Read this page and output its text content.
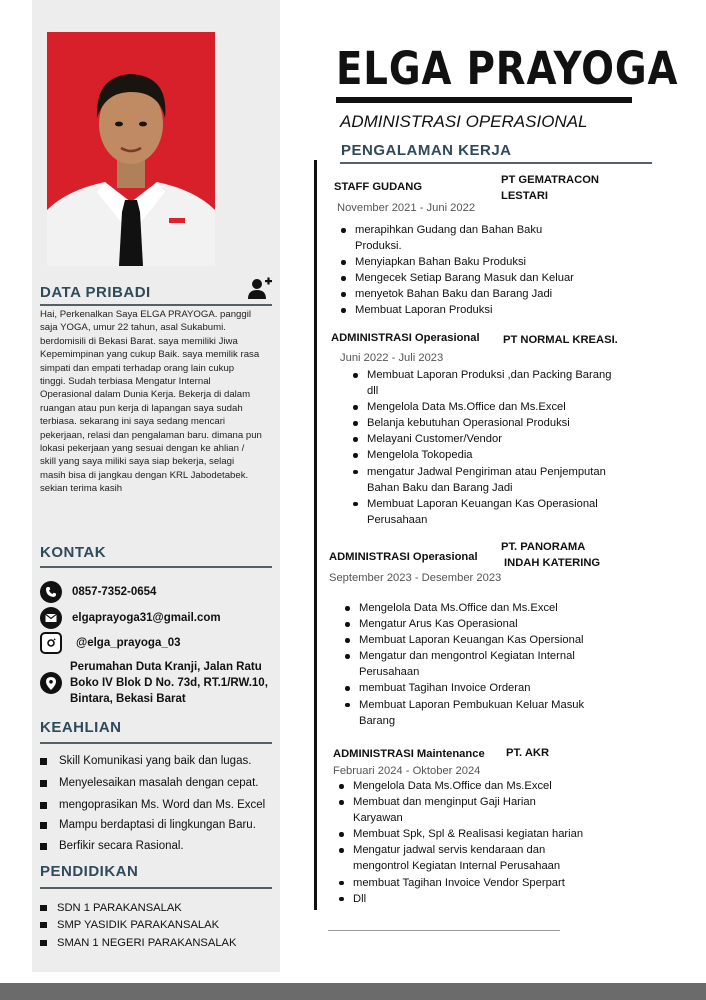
DATA PRIBADI
Hai, Perkenalkan Saya ELGA PRAYOGA. panggil saja YOGA, umur 22 tahun, asal Sukabumi. berdomisili di Bekasi Barat. saya memiliki Jiwa Kepemimpinan yang cukup Baik. saya memilik rasa simpati dan empati terhadap orang lain cukup tinggi. Sudah terbiasa Mengatur Internal Operasional dalam Dunia Kerja. Bekerja di dalam ruangan atau pun kerja di lapangan saya sudah terbiasa. sekarang ini saya sedang mencari pekerjaan, relasi dan pengalaman baru. dimana pun lokasi pekerjaan yang sesuai dengan ke ahlian / skill yang saya miliki saya siap bekerja, selagi masih bisa di jangkau dengan KRL Jabodetabek. sekian terima kasih
KONTAK
0857-7352-0654
elgaprayoga31@gmail.com
@elga_prayoga_03
Perumahan Duta Kranji, Jalan Ratu
Boko IV Blok D No. 73d, RT.1/RW.10,
Bintara, Bekasi Barat
KEAHLIAN
Skill Komunikasi yang baik dan lugas.
Menyelesaikan masalah dengan cepat.
mengoprasikan Ms. Word dan Ms. Excel
Mampu berdaptasi di lingkungan Baru.
Berfikir secara Rasional.
PENDIDIKAN
SDN 1 PARAKANSALAK
SMP YASIDIK PARAKANSALAK
SMAN 1 NEGERI PARAKANSALAK
ELGA PRAYOGA
ADMINISTRASI OPERASIONAL
PENGALAMAN KERJA
STAFF GUDANG
PT GEMATRACON
LESTARI
November 2021 - Juni 2022
merapihkan Gudang dan Bahan Baku Produksi.
Menyiapkan Bahan Baku Produksi
Mengecek Setiap Barang Masuk dan Keluar
menyetok Bahan Baku dan Barang Jadi
Membuat Laporan Produksi
ADMINISTRASI Operasional PT NORMAL KREASI.
Juni 2022 - Juli 2023
Membuat Laporan Produksi ,dan Packing Barang dll
Mengelola Data Ms.Office dan Ms.Excel
Belanja kebutuhan Operasional Produksi
Melayani Customer/Vendor
Mengelola Tokopedia
mengatur Jadwal Pengiriman atau Penjemputan Bahan Baku dan Barang Jadi
Membuat Laporan Keuangan Kas Operasional Perusahaan
ADMINISTRASI Operasional
PT. PANORAMA
INDAH KATERING
September 2023 - Desember 2023
Mengelola Data Ms.Office dan Ms.Excel
Mengatur Arus Kas Operasional
Membuat Laporan Keuangan Kas Opersional
Mengatur dan mengontrol Kegiatan Internal Perusahaan
membuat Tagihan Invoice Orderan
Membuat Laporan Pembukuan Keluar Masuk Barang
ADMINISTRASI Maintenance PT. AKR
Februari 2024 - Oktober 2024
Mengelola Data Ms.Office dan Ms.Excel
Membuat dan menginput Gaji Harian Karyawan
Membuat Spk, Spl & Realisasi kegiatan harian
Mengatur jadwal servis kendaraan dan mengontrol Kegiatan Internal Perusahaan
membuat Tagihan Invoice Vendor Sperpart
Dll
